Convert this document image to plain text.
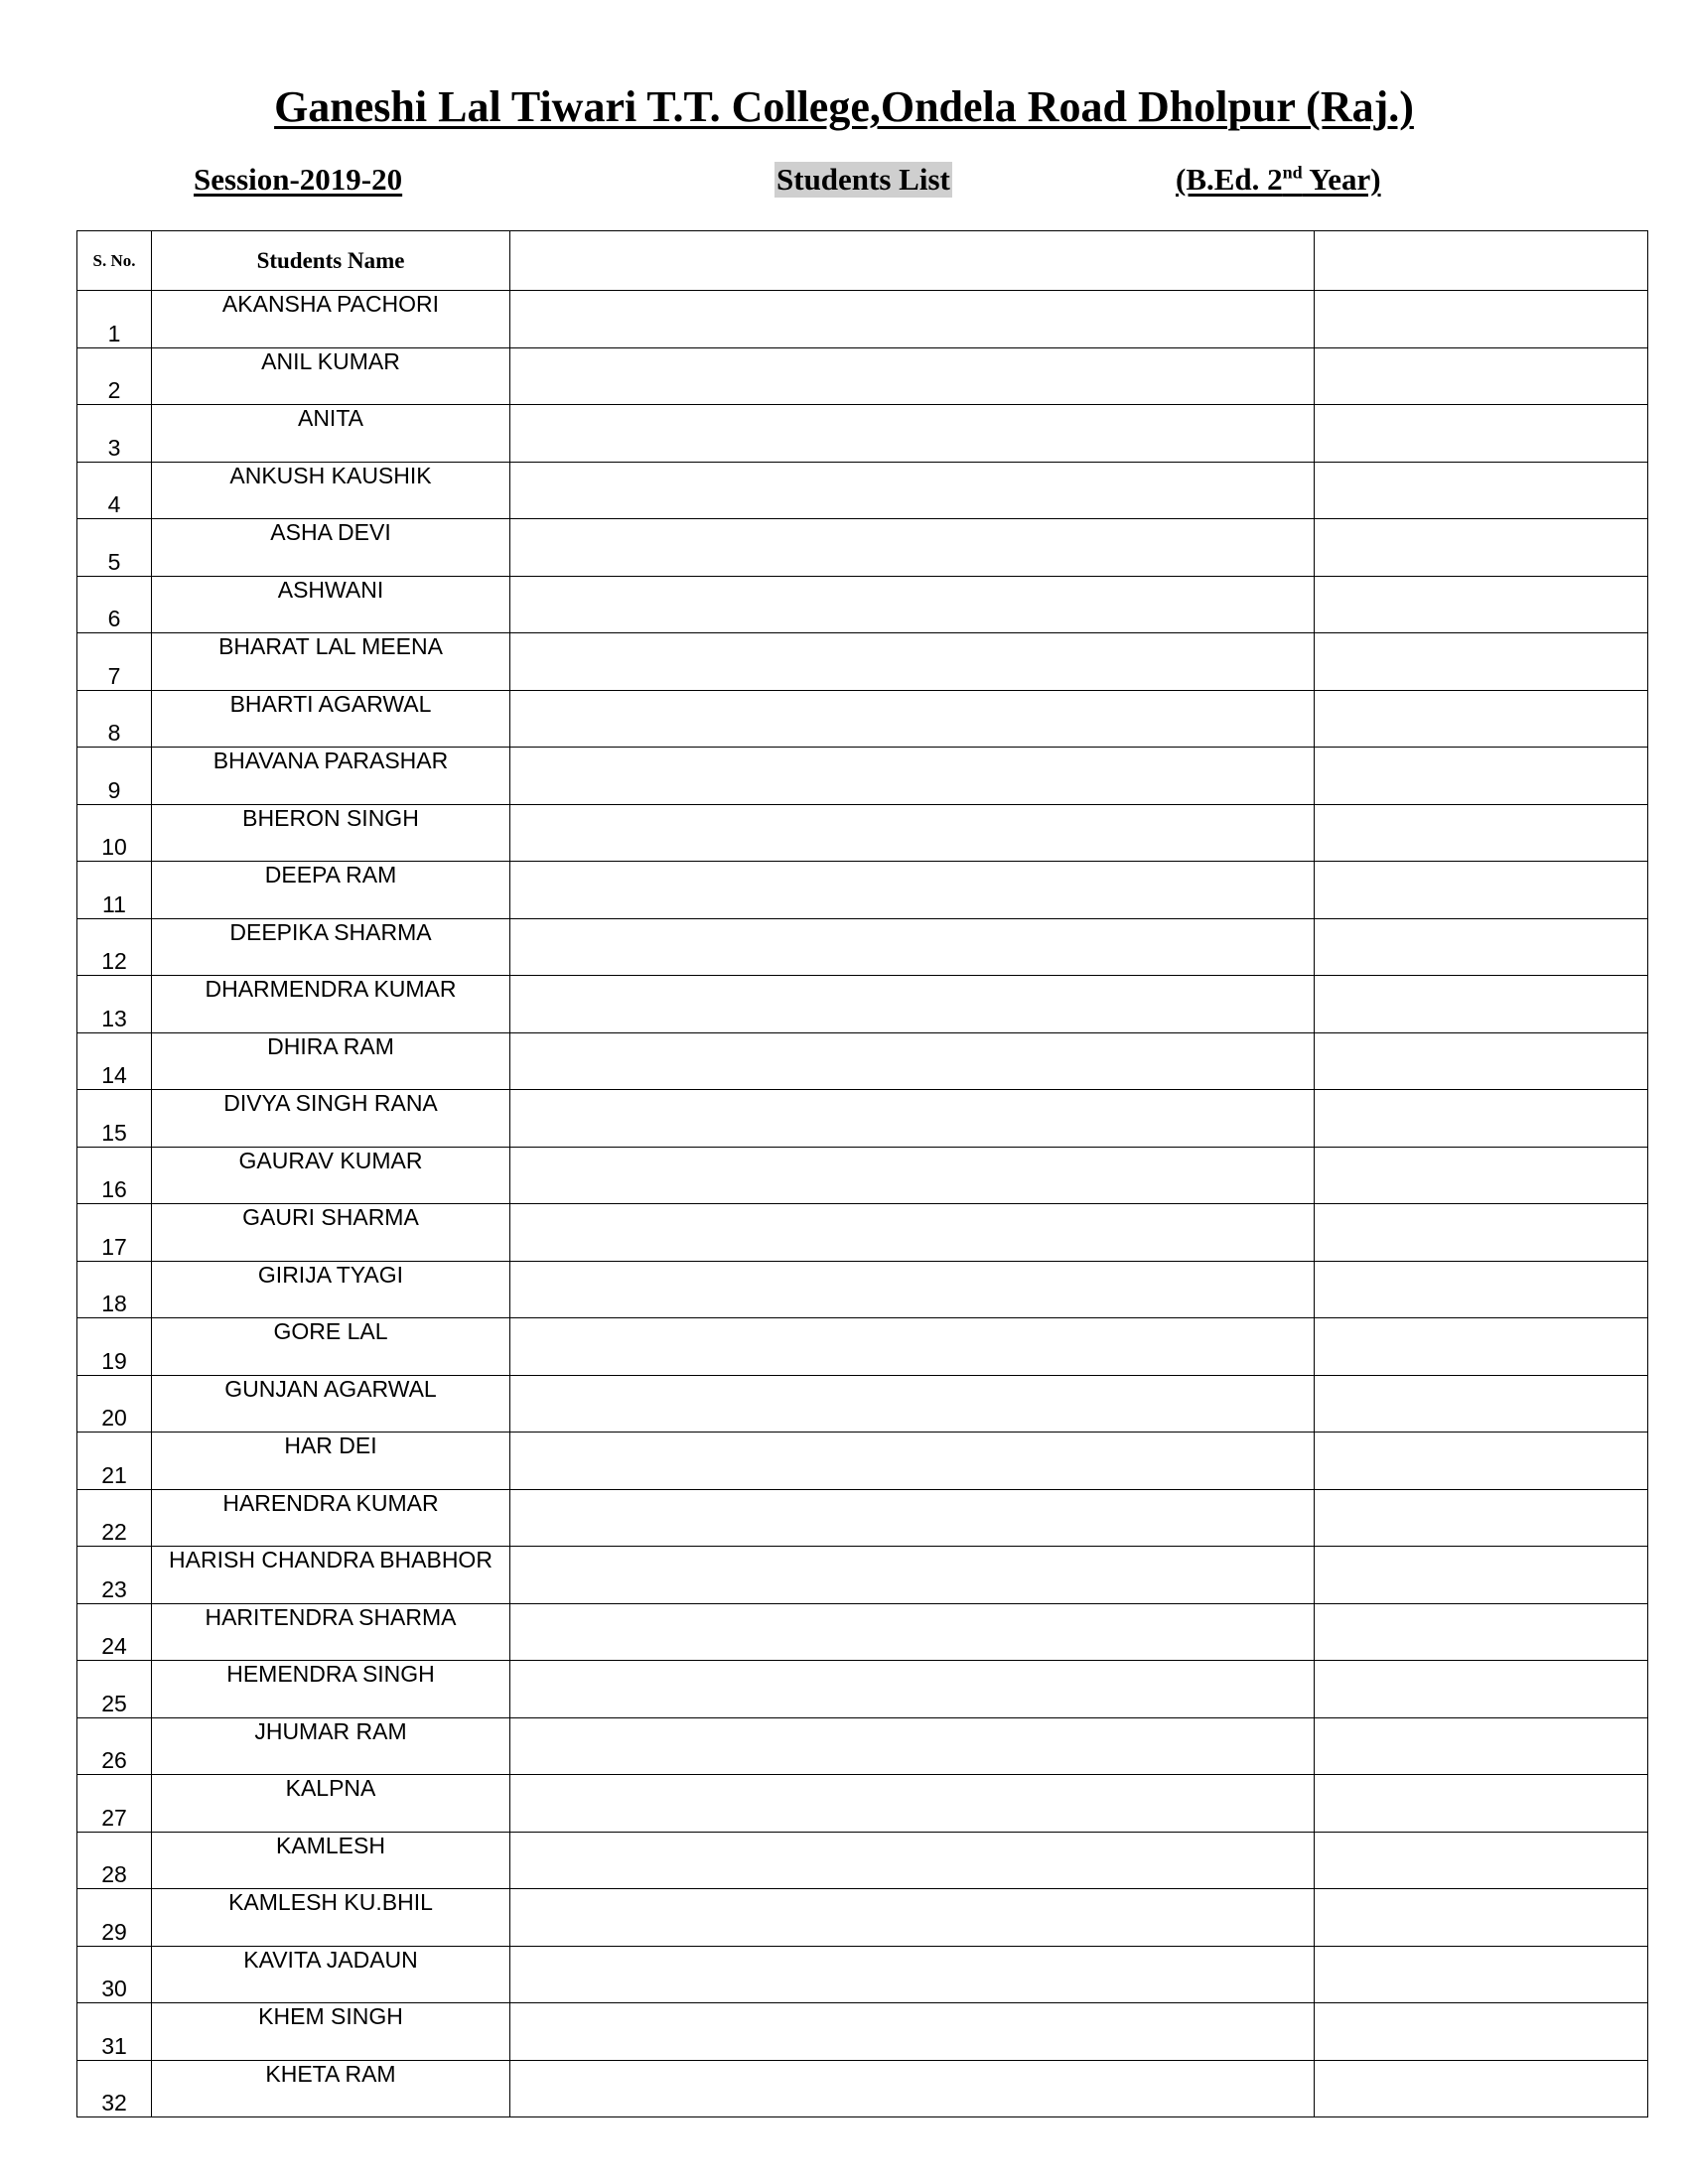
Ganeshi Lal Tiwari T.T. College,Ondela Road Dholpur (Raj.)
Session-2019-20	Students List	(B.Ed. 2nd Year)
S. No.	Students Name		
1	AKANSHA PACHORI		
2	ANIL KUMAR		
3	ANITA		
4	ANKUSH KAUSHIK		
5	ASHA DEVI		
6	ASHWANI		
7	BHARAT LAL MEENA		
8	BHARTI AGARWAL		
9	BHAVANA PARASHAR		
10	BHERON SINGH		
11	DEEPA RAM		
12	DEEPIKA SHARMA		
13	DHARMENDRA KUMAR		
14	DHIRA RAM		
15	DIVYA SINGH RANA		
16	GAURAV KUMAR		
17	GAURI SHARMA		
18	GIRIJA TYAGI		
19	GORE LAL		
20	GUNJAN AGARWAL		
21	HAR DEI		
22	HARENDRA KUMAR		
23	HARISH CHANDRA BHABHOR		
24	HARITENDRA SHARMA		
25	HEMENDRA SINGH		
26	JHUMAR RAM		
27	KALPNA		
28	KAMLESH		
29	KAMLESH KU.BHIL		
30	KAVITA JADAUN		
31	KHEM SINGH		
32	KHETA RAM		
